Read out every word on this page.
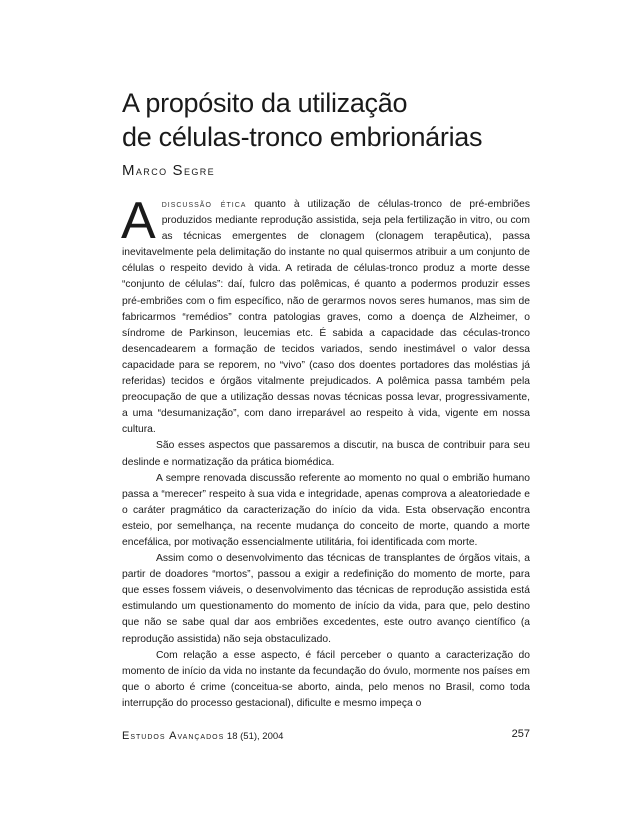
A propósito da utilização
de células-tronco embrionárias
Marco Segre

Adiscussão ética quanto à utilização de células-tronco de pré-embriões produzidos mediante reprodução assistida, seja pela fertilização in vitro, ou com as técnicas emergentes de clonagem (clonagem terapêutica), passa inevitavelmente pela delimitação do instante no qual quisermos atribuir a um conjunto de células o respeito devido à vida. A retirada de células-tronco produz a morte desse “conjunto de células”: daí, fulcro das polêmicas, é quanto a podermos produzir esses pré-embriões com o fim específico, não de gerarmos novos seres humanos, mas sim de fabricarmos “remédios” contra patologias graves, como a doença de Alzheimer, o síndrome de Parkinson, leucemias etc. É sabida a capacidade das céculas-tronco desencadearem a formação de tecidos variados, sendo inestimável o valor dessa capacidade para se reporem, no “vivo” (caso dos doentes portadores das moléstias já referidas) tecidos e órgãos vitalmente prejudicados. A polêmica passa também pela preocupação de que a utilização dessas novas técnicas possa levar, progressivamente, a uma “desumanização”, com dano irreparável ao respeito à vida, vigente em nossa cultura.

São esses aspectos que passaremos a discutir, na busca de contribuir para seu deslinde e normatização da prática biomédica.

A sempre renovada discussão referente ao momento no qual o embrião humano passa a “merecer” respeito à sua vida e integridade, apenas comprova a aleatoriedade e o caráter pragmático da caracterização do início da vida. Esta observação encontra esteio, por semelhança, na recente mudança do conceito de morte, quando a morte encefálica, por motivação essencialmente utilitária, foi identificada com morte.

Assim como o desenvolvimento das técnicas de transplantes de órgãos vitais, a partir de doadores “mortos”, passou a exigir a redefinição do momento de morte, para que esses fossem viáveis, o desenvolvimento das técnicas de reprodução assistida está estimulando um questionamento do momento de início da vida, para que, pelo destino que não se sabe qual dar aos embriões excedentes, este outro avanço científico (a reprodução assistida) não seja obstaculizado.

Com relação a esse aspecto, é fácil perceber o quanto a caracterização do momento de início da vida no instante da fecundação do óvulo, mormente nos países em que o aborto é crime (conceitua-se aborto, ainda, pelo menos no Brasil, como toda interrupção do processo gestacional), dificulte e mesmo impeça o

Estudos Avançados 18 (51), 2004	257
